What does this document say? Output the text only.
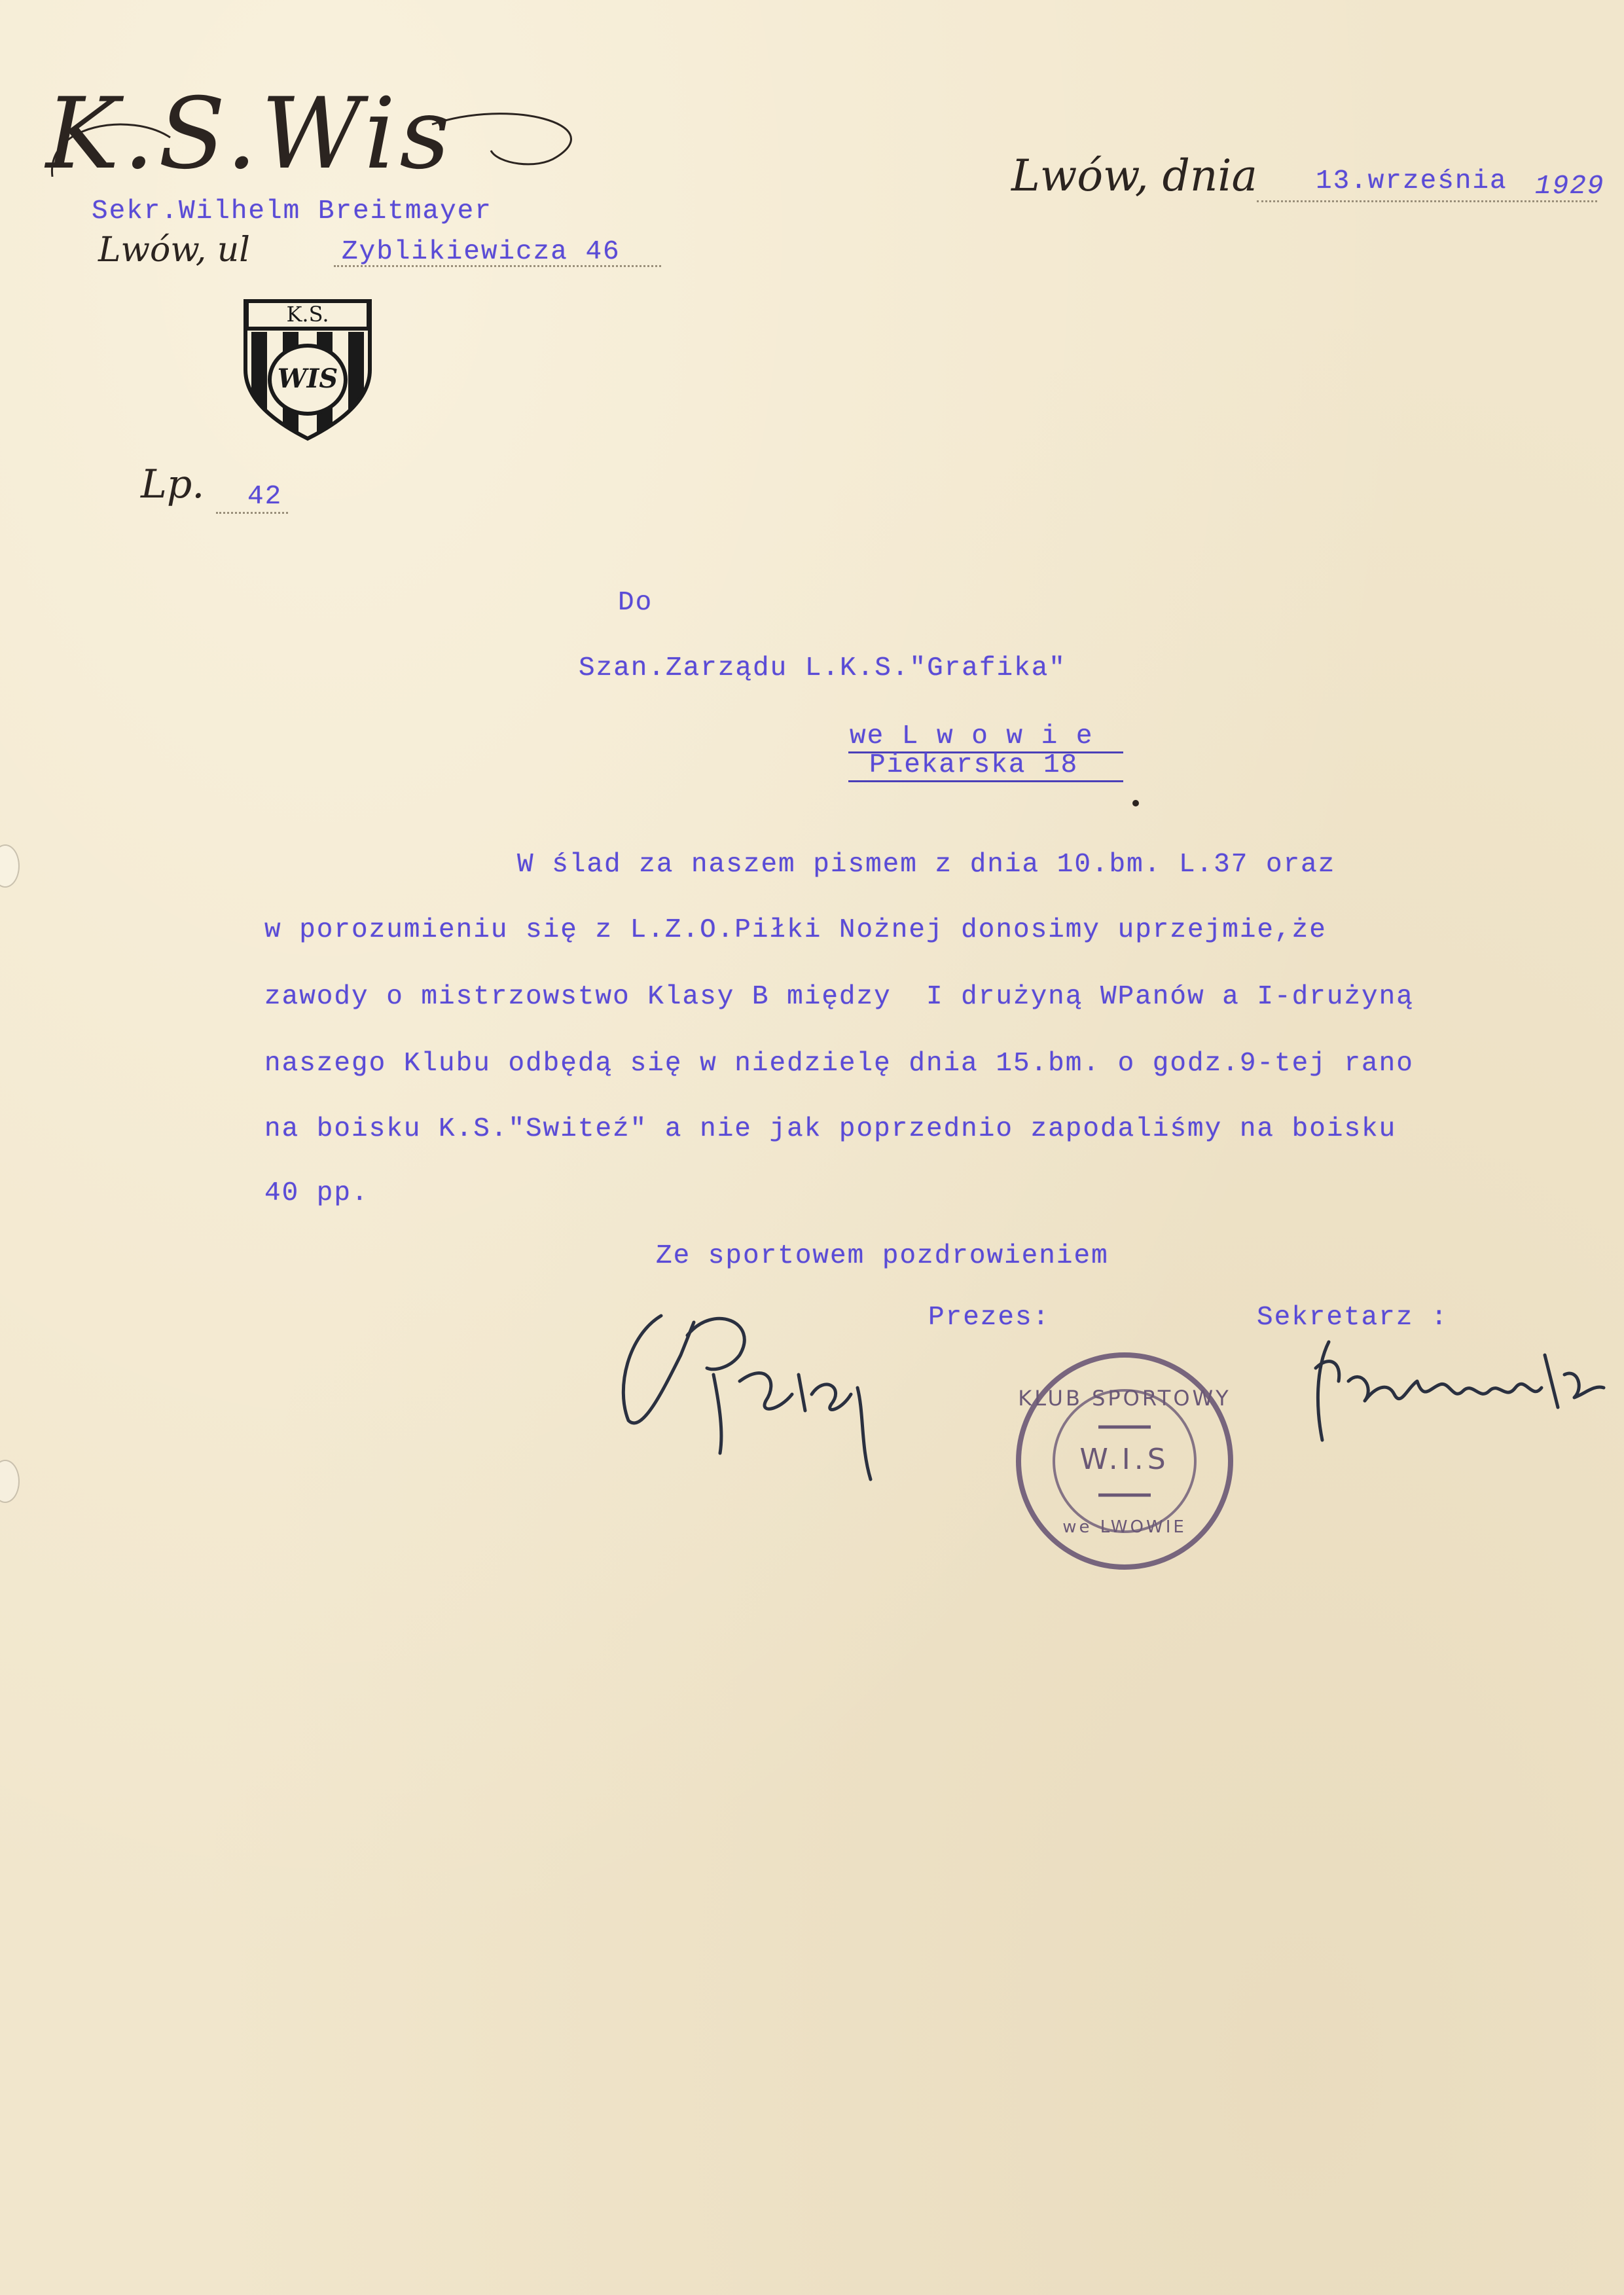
K.S.Wis
Sekr.Wilhelm Breitmayer
Lwów, ul	Zyblikiewicza 46
K.S.
WIS
Lp. 42
Lwów, dnia 13.września 1929
Do
Szan.Zarządu L.K.S."Grafika"
we L w o w i e
Piekarska 18
W ślad za naszem pismem z dnia 10.bm. L.37 oraz
w porozumieniu się z L.Z.O.Piłki Nożnej donosimy uprzejmie,że
zawody o mistrzowstwo Klasy B między  I drużyną WPanów a I-drużyną
naszego Klubu odbędą się w niedzielę dnia 15.bm. o godz.9-tej rano
na boisku K.S."Switeź" a nie jak poprzednio zapodaliśmy na boisku
40 pp.
Ze sportowem pozdrowieniem
Prezes:	Sekretarz :
KLUB SPORTOWY
W.I.S
we LWOWIE
